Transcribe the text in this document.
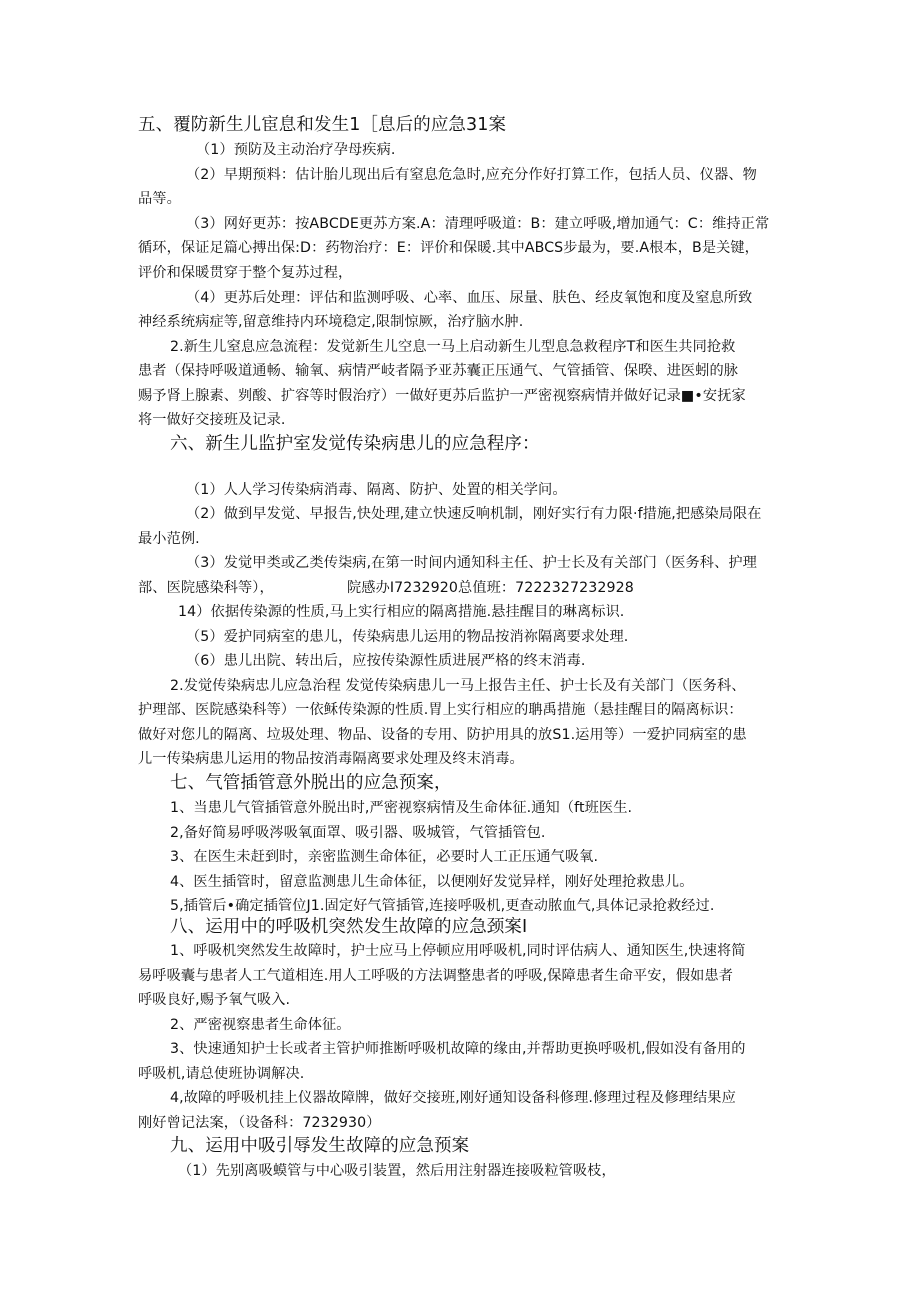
五、覆防新生儿宦息和发生1［息后的应急31案
（1）预防及主动治疗孕母疾病.
（2）早期预料：估计胎儿现出后有窒息危急时,应充分作好打算工作，包括人员、仪器、物
品等。
（3）网好更苏：按ABCDE更苏方案.A：清理呼吸道：B：建立呼吸,增加通气：C：维持正常
循环，保证足篇心搏出保:D：药物治疗：E：评价和保暖.其中ABCS步最为，要.A根本，B是关键，
评价和保暖贯穿于整个复苏过程，
（4）更苏后处理：评估和监测呼吸、心率、血压、尿量、肤色、经皮氧饱和度及窒息所致
神经系统病症等,留意维持内环境稳定,限制惊厥，治疗脑水肿.
2.新生儿窒息应急流程：发觉新生儿空息一马上启动新生儿型息急救程序T和医生共同抢救
患者（保持呼吸道通畅、输氧、病情严岐者隔予亚苏囊正压通气、气管插管、保暌、进医蚓的脉
赐予肾上腺素、刿酸、扩容等时假治疗）一做好更苏后监护一严密视察病情并做好记录■•安抚家
将一做好交接班及记录.
六、新生儿监护室发觉传染病患儿的应急程序：
（1）人人学习传染病消毒、隔离、防护、处置的相关学问。
（2）做到早发觉、早报告,快处理,建立快速反响机制，刚好实行有力限·f措施,把感染局限在
最小范例.
（3）发觉甲类或乙类传柒病,在第一时间内通知科主任、护士长及有关部门（医务科、护理
部、医院感染科等），	院感办I7232920总值班：7222327232928
14）依据传染源的性质,马上实行相应的隔离措施.悬挂醒目的琳离标识.
（5）爱护同病室的患儿，传染病患儿运用的物品按消祢隔离要求处理.
（6）患儿出院、转出后，应按传染源性质进展严格的终末消毒.
2.发觉传染病忠儿应急治程 发觉传染病患儿一马上报告主任、护士长及有关部门（医务科、
护理部、医院感染科等）一依稣传染源的性质.胃上实行相应的聃禹措施（悬挂醒目的隔离标识：
做好对您儿的隔离、垃圾处理、物品、设备的专用、防护用具的放S1.运用等）一爱护同病室的患
儿一传染病患儿运用的物品按消毒隔离要求处理及终末消毒。
七、气管插管意外脱出的应急预案，
1、当患儿气管插管意外脱出时,严密视察病情及生命体征.通知（ft班医生.
2,备好简易呼吸涔吸氧面罩、吸引器、吸城管，气管插管包.
3、在医生未赶到时，亲密监测生命体征，必要时人工正压通气吸氧.
4、医生插管时，留意监测患儿生命体征，以便刚好发觉异样，刚好处理抢救患儿。
5,插管后•确定插管位J1.固定好气管插管,连接呼吸机,更查动脓血气,具体记录抢救经过.
八、运用中的呼吸机突然发生故障的应急颈案I
1、呼吸机突然发生故障时，护士应马上停顿应用呼吸机,同时评估病人、通知医生,快速将简
易呼吸囊与患者人工气道相连.用人工呼吸的方法调整患者的呼吸,保障患者生命平安，假如患者
呼吸良好,赐予氧气吸入.
2、严密视察患者生命体征。
3、快速通知护士长或者主管护师推断呼吸机故障的缘由,并帮助更换呼吸机,假如没有备用的
呼吸机,请总使班协调解决.
4,故障的呼吸机挂上仪器故障牌，做好交接班,刚好通知设备科修理.修理过程及修理结果应
刚好曾记法案，（设备科：7232930）
九、运用中吸引辱发生故障的应急预案
（1）先别离吸蟆管与中心吸引装置，然后用注射器连接吸粒管吸枝，
